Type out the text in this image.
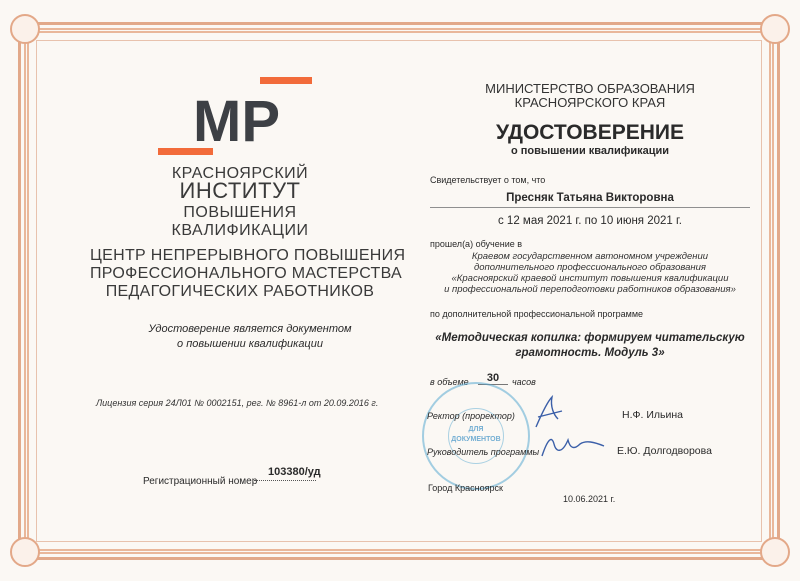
МР
КРАСНОЯРСКИЙ
ИНСТИТУТ
ПОВЫШЕНИЯ
КВАЛИФИКАЦИИ
ЦЕНТР НЕПРЕРЫВНОГО ПОВЫШЕНИЯ
ПРОФЕССИОНАЛЬНОГО МАСТЕРСТВА
ПЕДАГОГИЧЕСКИХ РАБОТНИКОВ
Удостоверение является документом
о повышении квалификации
Лицензия серия 24Л01 № 0002151, рег. № 8961-л от 20.09.2016 г.
Регистрационный номер
103380/уд
МИНИСТЕРСТВО ОБРАЗОВАНИЯ
КРАСНОЯРСКОГО КРАЯ
УДОСТОВЕРЕНИЕ
о повышении квалификации
Свидетельствует о том, что
Пресняк Татьяна Викторовна
с 12 мая 2021 г. по 10 июня 2021 г.
прошел(а) обучение в
Краевом государственном автономном учреждении
дополнительного профессионального образования
«Красноярский краевой институт повышения квалификации
и профессиональной переподготовки работников образования»
по дополнительной профессиональной программе
«Методическая копилка: формируем читательскую
грамотность. Модуль 3»
в объеме	30	часов
ДЛЯ
ДОКУМЕНТОВ
Ректор (проректор)	Н.Ф. Ильина
Руководитель программы	Е.Ю. Долгодворова
Город Красноярск
10.06.2021 г.
